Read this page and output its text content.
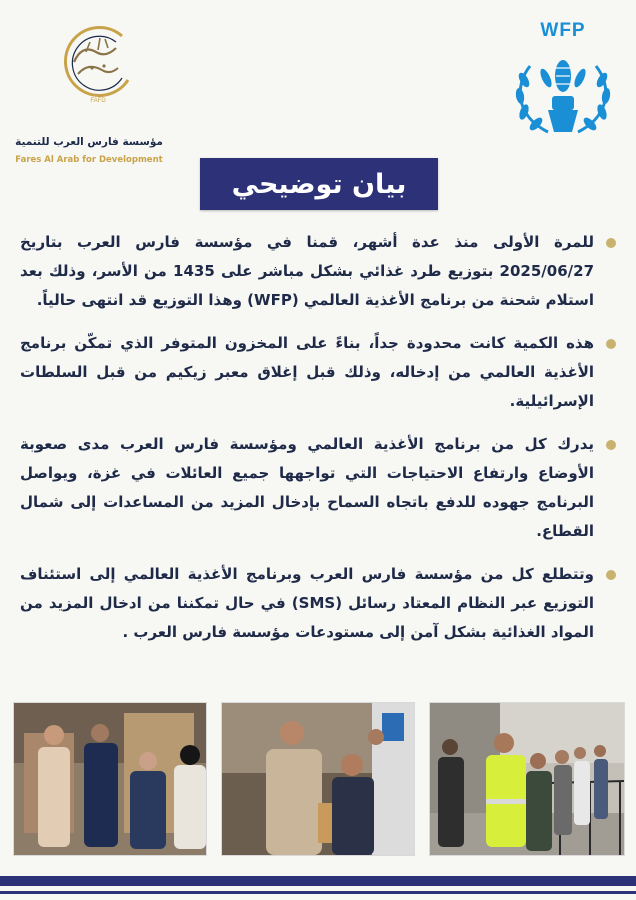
FAFD
مؤسسة فارس العرب للتنمية
Fares Al Arab for Development
WFP
بيان توضيحي
للمرة الأولى منذ عدة أشهر، قمنا في مؤسسة فارس العرب بتاريخ 2025/06/27 بتوزيع طرد غذائي بشكل مباشر على 1435 من الأسر، وذلك بعد استلام شحنة من برنامج الأغذية العالمي (WFP) وهذا التوزيع قد انتهى حالياً.
هذه الكمية كانت محدودة جداً، بناءً على المخزون المتوفر الذي تمكّن برنامج الأغذية العالمي من إدخاله، وذلك قبل إغلاق معبر زيكيم من قبل السلطات الإسرائيلية.
يدرك كل من برنامج الأغذية العالمي ومؤسسة فارس العرب مدى صعوبة الأوضاع وارتفاع الاحتياجات التي تواجهها جميع العائلات في غزة، ويواصل البرنامج جهوده للدفع باتجاه السماح بإدخال المزيد من المساعدات إلى شمال القطاع.
وتتطلع كل من مؤسسة فارس العرب وبرنامج الأغذية العالمي إلى استئناف التوزيع عبر النظام المعتاد رسائل (SMS) في حال تمكننا من ادخال المزيد من المواد الغذائية بشكل آمن إلى مستودعات مؤسسة فارس العرب .
